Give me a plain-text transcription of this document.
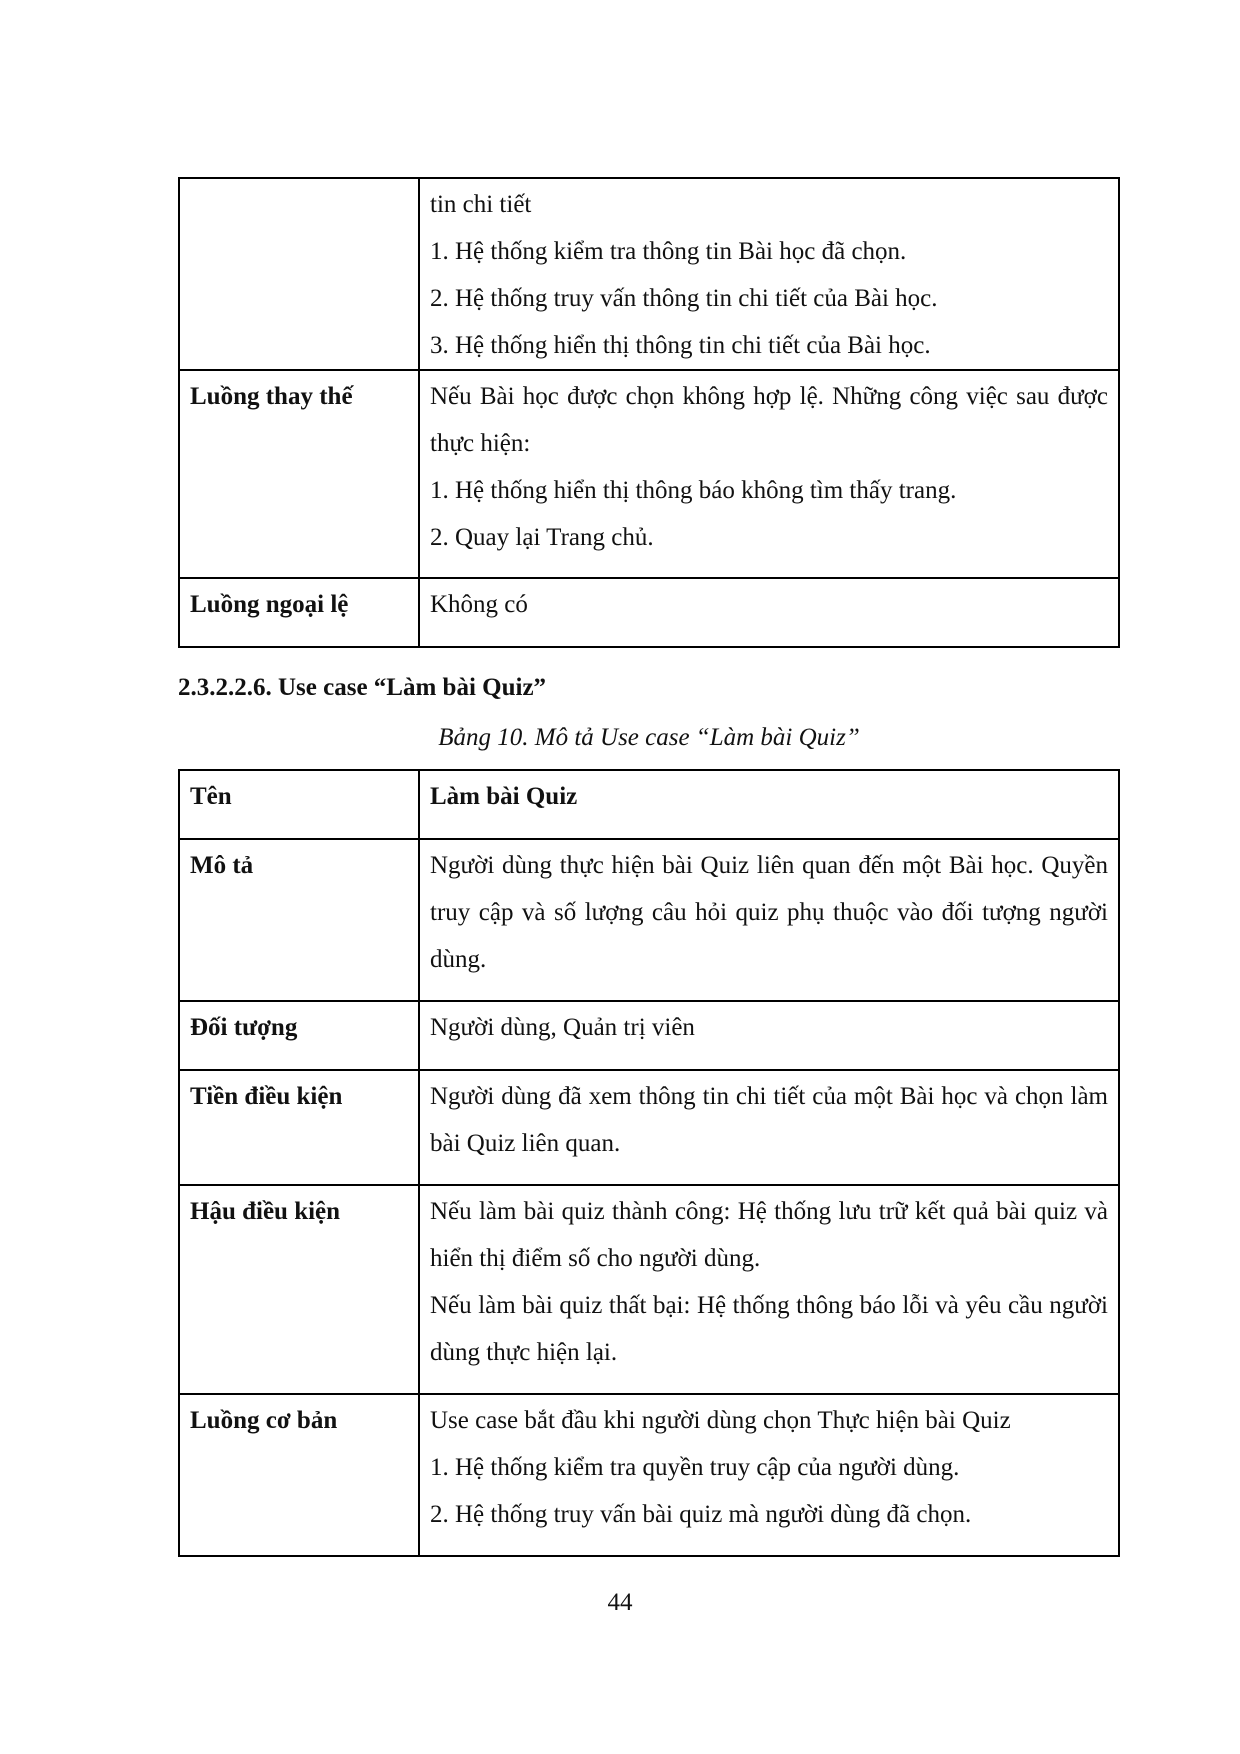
	tin chi tiết
1. Hệ thống kiểm tra thông tin Bài học đã chọn.
2. Hệ thống truy vấn thông tin chi tiết của Bài học.
3. Hệ thống hiển thị thông tin chi tiết của Bài học.

Luồng thay thế	Nếu Bài học được chọn không hợp lệ. Những công việc sau được thực hiện:
1. Hệ thống hiển thị thông báo không tìm thấy trang.
2. Quay lại Trang chủ.

Luồng ngoại lệ	Không có
2.3.2.2.6. Use case “Làm bài Quiz”
Bảng 10. Mô tả Use case “Làm bài Quiz”
Tên	Làm bài Quiz
Mô tả	Người dùng thực hiện bài Quiz liên quan đến một Bài học. Quyền truy cập và số lượng câu hỏi quiz phụ thuộc vào đối tượng người dùng.
Đối tượng	Người dùng, Quản trị viên
Tiền điều kiện	Người dùng đã xem thông tin chi tiết của một Bài học và chọn làm bài Quiz liên quan.
Hậu điều kiện	Nếu làm bài quiz thành công: Hệ thống lưu trữ kết quả bài quiz và hiển thị điểm số cho người dùng.
Nếu làm bài quiz thất bại: Hệ thống thông báo lỗi và yêu cầu người dùng thực hiện lại.

Luồng cơ bản	Use case bắt đầu khi người dùng chọn Thực hiện bài Quiz
1. Hệ thống kiểm tra quyền truy cập của người dùng.
2. Hệ thống truy vấn bài quiz mà người dùng đã chọn.
44
